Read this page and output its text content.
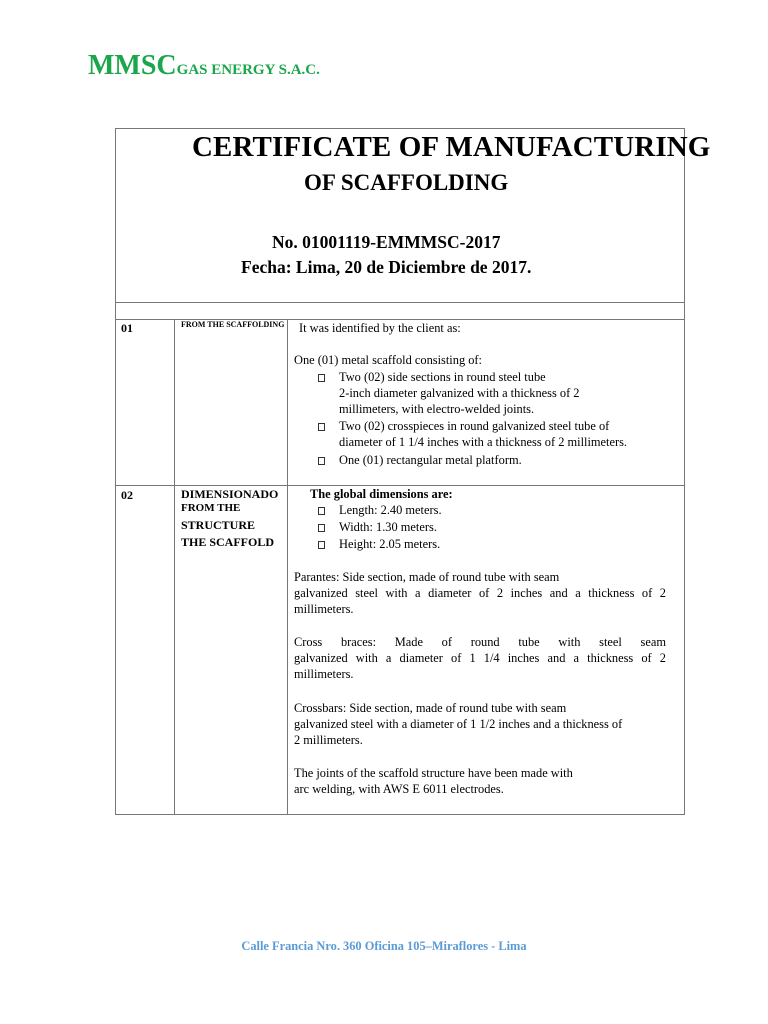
MMSCGAS ENERGY S.A.C.
CERTIFICATE OF MANUFACTURING
OF SCAFFOLDING
No. 01001119-EMMMSC-2017
Fecha: Lima, 20 de Diciembre de 2017.
01	FROM THE SCAFFOLDING It was identified by the client as:
One (01) metal scaffold consisting of:
Two (02) side sections in round steel tube
2-inch diameter galvanized with a thickness of 2
millimeters, with electro-welded joints.
Two (02) crosspieces in round galvanized steel tube of
diameter of 1 1/4 inches with a thickness of 2 millimeters.
One (01) rectangular metal platform.
02	DIMENSIONADO
FROM THE
STRUCTURE
THE SCAFFOLD
The global dimensions are:
Length: 2.40 meters.
Width: 1.30 meters.
Height: 2.05 meters.
Parantes: Side section, made of round tube with seam
galvanized steel with a diameter of 2 inches and a thickness of 2
millimeters.
Cross braces: Made of round tube with steel seam
galvanized with a diameter of 1 1/4 inches and a thickness of 2
millimeters.
Crossbars: Side section, made of round tube with seam
galvanized steel with a diameter of 1 1/2 inches and a thickness of
2 millimeters.
The joints of the scaffold structure have been made with
arc welding, with AWS E 6011 electrodes.
Calle Francia Nro. 360 Oficina 105–Miraflores - Lima
